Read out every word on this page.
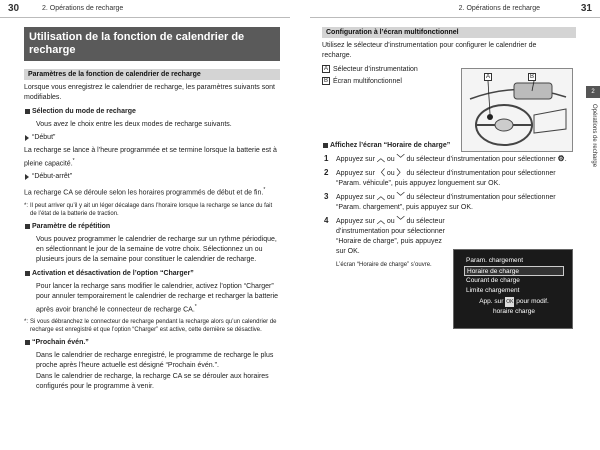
30	2. Opérations de recharge	2. Opérations de recharge	31
Utilisation de la fonction de calendrier de recharge
Paramètres de la fonction de calendrier de recharge

Lorsque vous enregistrez le calendrier de recharge, les paramètres suivants sont modifiables.

Sélection du mode de recharge

Vous avez le choix entre les deux modes de recharge suivants.

“Début”

La recharge se lance à l’heure programmée et se termine lorsque la batterie est à pleine capacité.*

“Début-arrêt”

La recharge CA se déroule selon les horaires programmés de début et de fin.*

*: Il peut arriver qu’il y ait un léger décalage dans l’horaire lorsque la recharge se lance du fait de l’état de la batterie de traction.
Paramètre de répétition

Vous pouvez programmer le calendrier de recharge sur un rythme périodique, en sélectionnant le jour de la semaine de votre choix. Sélectionnez un ou plusieurs jours de la semaine pour constituer le calendrier de recharge.

Activation et désactivation de l’option “Charger”

Pour lancer la recharge sans modifier le calendrier, activez l’option “Charger” pour annuler temporairement le calendrier de recharge et recharger la batterie après avoir branché le connecteur de recharge CA.*

*: Si vous débranchez le connecteur de recharge pendant la recharge alors qu’un calendrier de recharge est enregistré et que l’option “Charger” est active, cette dernière se désactive.
“Prochain évén.”

Dans le calendrier de recharge enregistré, le programme de recharge le plus proche après l’heure actuelle est désigné “Prochain évén.”.

Dans le calendrier de recharge, la recharge CA se se dérouler aux horaires configurés pour le programme à venir.

Configuration à l’écran multifonctionnel

Utilisez le sélecteur d’instrumentation pour configurer le calendrier de recharge.

A Sélecteur d’instrumentation

B Écran multifonctionnel

Affichez l’écran “Horaire de charge”
1 Appuyez sur ︿ ou ﹀ du sélecteur d’instrumentation pour sélectionner ⚙.
2 Appuyez sur 〈 ou 〉 du sélecteur d’instrumentation pour sélectionner “Param. véhicule”, puis appuyez longuement sur OK.
3 Appuyez sur ︿ ou ﹀ du sélecteur d’instrumentation pour sélectionner “Param. chargement”, puis appuyez sur OK.
4 Appuyez sur ︿ ou ﹀ du sélecteur d’instrumentation pour sélectionner “Horaire de charge”, puis appuyez sur OK.

L’écran “Horaire de charge” s’ouvre.

A	B
2
Opérations de recharge
Param. chargement
Horaire de charge
Courant de charge
Limite chargement
App. sur OK pour modif.
horaire charge
